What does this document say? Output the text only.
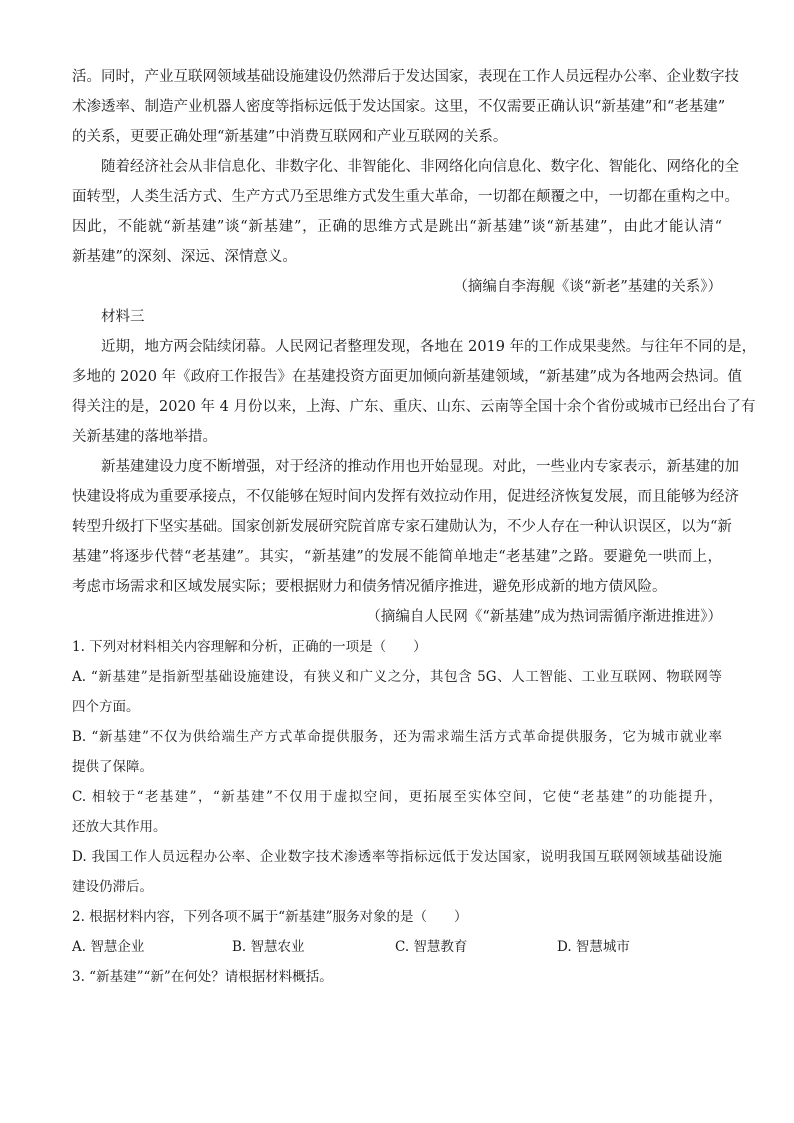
活。同时，产业互联网领域基础设施建设仍然滞后于发达国家，表现在工作人员远程办公率、企业数字技
术渗透率、制造产业机器人密度等指标远低于发达国家。这里，不仅需要正确认识“新基建”和“老基建”
的关系，更要正确处理“新基建”中消费互联网和产业互联网的关系。
随着经济社会从非信息化、非数字化、非智能化、非网络化向信息化、数字化、智能化、网络化的全
面转型，人类生活方式、生产方式乃至思维方式发生重大革命，一切都在颠覆之中，一切都在重构之中。
因此，不能就“新基建”谈“新基建”，正确的思维方式是跳出“新基建”谈“新基建”，由此才能认清“
新基建”的深刻、深远、深情意义。
（摘编自李海舰《谈“新老”基建的关系》）
材料三
近期，地方两会陆续闭幕。人民网记者整理发现，各地在 2019 年的工作成果斐然。与往年不同的是，
多地的 2020 年《政府工作报告》在基建投资方面更加倾向新基建领域，“新基建”成为各地两会热词。值
得关注的是，2020 年 4 月份以来，上海、广东、重庆、山东、云南等全国十余个省份或城市已经出台了有
关新基建的落地举措。
新基建建设力度不断增强，对于经济的推动作用也开始显现。对此，一些业内专家表示，新基建的加
快建设将成为重要承接点，不仅能够在短时间内发挥有效拉动作用，促进经济恢复发展，而且能够为经济
转型升级打下坚实基础。国家创新发展研究院首席专家石建勋认为，不少人存在一种认识误区，以为“新
基建”将逐步代替“老基建”。其实，“新基建”的发展不能简单地走“老基建”之路。要避免一哄而上，
考虑市场需求和区域发展实际；要根据财力和债务情况循序推进，避免形成新的地方债风险。
（摘编自人民网《“新基建”成为热词需循序渐进推进》）
1. 下列对材料相关内容理解和分析，正确的一项是（　　）
A. “新基建”是指新型基础设施建设，有狭义和广义之分，其包含 5G、人工智能、工业互联网、物联网等
四个方面。
B. “新基建”不仅为供给端生产方式革命提供服务，还为需求端生活方式革命提供服务，它为城市就业率
提供了保障。
C. 相较于“老基建”，“新基建”不仅用于虚拟空间，更拓展至实体空间，它使“老基建”的功能提升，
还放大其作用。
D. 我国工作人员远程办公率、企业数字技术渗透率等指标远低于发达国家，说明我国互联网领域基础设施
建设仍滞后。
2. 根据材料内容，下列各项不属于“新基建”服务对象的是（　　）
A. 智慧企业	B. 智慧农业	C. 智慧教育	D. 智慧城市
3. “新基建”“新”在何处？请根据材料概括。
